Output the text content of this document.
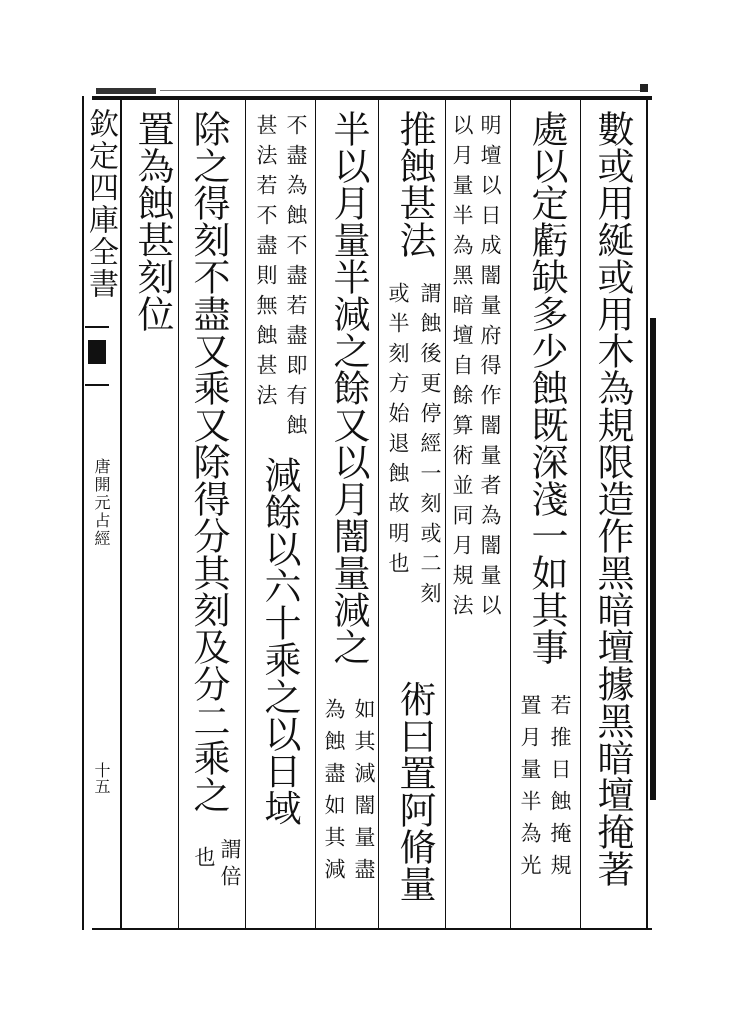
欽定四庫全書
唐開元占經
十五	數或用綖或用木為規限造作黑暗壇據黑暗壇掩著
處以定虧缺多少蝕既深淺一如其事
若推日蝕掩規
置月量半為光
明壇以日成闇量府得作闇量者為闇量以
以月量半為黑暗壇自餘算術並同月規法
推蝕甚法
謂蝕後更停經一刻或二刻
或半刻方始退蝕故明也
術曰置阿脩量
半以月量半減之餘又以月闇量減之
如其減闇量盡
為蝕盡如其減
不盡為蝕不盡若盡即有蝕
甚法若不盡則無蝕甚法
減餘以六十乘之以日域
除之得刻不盡又乘又除得分其刻及分二乘之
謂倍
也
置為蝕甚刻位
